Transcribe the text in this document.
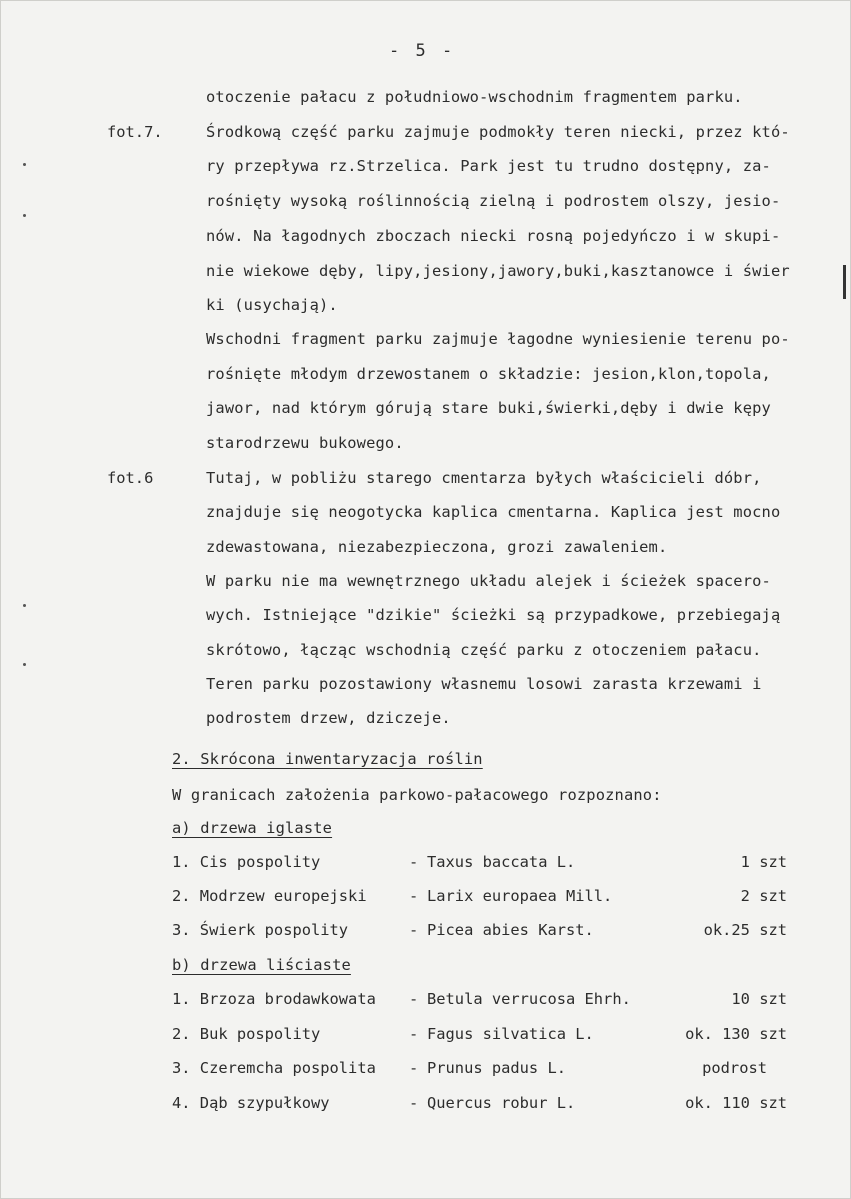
- 5 -
fot.7.
fot.6
otoczenie pałacu z południowo-wschodnim fragmentem parku.
Środkową część parku zajmuje podmokły teren niecki, przez któ-
ry przepływa rz.Strzelica. Park jest tu trudno dostępny, za-
rośnięty wysoką roślinnością zielną i podrostem olszy, jesio-
nów. Na łagodnych zboczach niecki rosną pojedyńczo i w skupi-
nie wiekowe dęby, lipy,jesiony,jawory,buki,kasztanowce i świer
ki (usychają).
Wschodni fragment parku zajmuje łagodne wyniesienie terenu po-
rośnięte młodym drzewostanem o składzie: jesion,klon,topola,
jawor, nad którym górują stare buki,świerki,dęby i dwie kępy
starodrzewu bukowego.
Tutaj, w pobliżu starego cmentarza byłych właścicieli dóbr,
znajduje się neogotycka kaplica cmentarna. Kaplica jest mocno
zdewastowana, niezabezpieczona, grozi zawaleniem.
W parku nie ma wewnętrznego układu alejek i ścieżek spacero-
wych. Istniejące "dzikie" ścieżki są przypadkowe, przebiegają
skrótowo, łącząc wschodnią część parku z otoczeniem pałacu.
Teren parku pozostawiony własnemu losowi zarasta krzewami i
podrostem drzew, dziczeje.
2. Skrócona inwentaryzacja roślin
W granicach założenia parkowo-pałacowego rozpoznano:
a) drzewa iglaste
1. Cis pospolity	- Taxus baccata L.	1 szt
2. Modrzew europejski	- Larix europaea Mill.	2 szt
3. Świerk pospolity	- Picea abies Karst.	ok.25 szt
b) drzewa liściaste
1. Brzoza brodawkowata - Betula verrucosa Ehrh.	10 szt
2. Buk pospolity	- Fagus silvatica L.	ok. 130 szt
3. Czeremcha pospolita - Prunus padus L.	podrost
4. Dąb szypułkowy	- Quercus robur L.	ok. 110 szt
